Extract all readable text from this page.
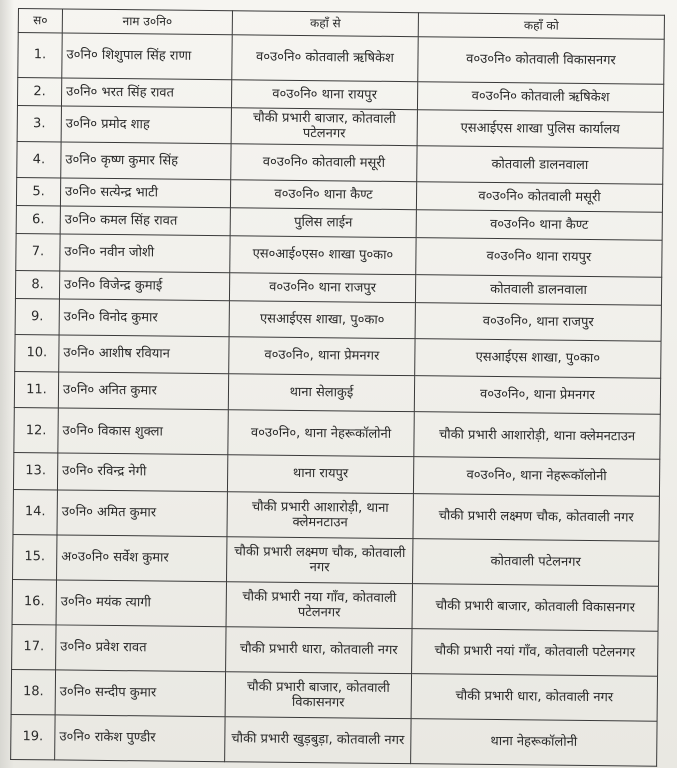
स०	नाम उ०नि०	कहाँ से	कहाँ को
1.	उ०नि० शिशुपाल सिंह राणा	व०उ०नि० कोतवाली ऋषिकेश	व०उ०नि० कोतवाली विकासनगर
2.	उ०नि० भरत सिंह रावत	व०उ०नि० थाना रायपुर	व०उ०नि० कोतवाली ऋषिकेश
3.	उ०नि० प्रमोद शाह	चौकी प्रभारी बाजार, कोतवाली पटेलनगर	एसआईएस शाखा पुलिस कार्यालय
4.	उ०नि० कृष्ण कुमार सिंह	व०उ०नि० कोतवाली मसूरी	कोतवाली डालनवाला
5.	उ०नि० सत्येन्द्र भाटी	व०उ०नि० थाना कैण्ट	व०उ०नि० कोतवाली मसूरी
6.	उ०नि० कमल सिंह रावत	पुलिस लाईन	व०उ०नि० थाना कैण्ट
7.	उ०नि० नवीन जोशी	एस०आई०एस० शाखा पु०का०	व०उ०नि० थाना रायपुर
8.	उ०नि० विजेन्द्र कुमाई	व०उ०नि० थाना राजपुर	कोतवाली डालनवाला
9.	उ०नि० विनोद कुमार	एसआईएस शाखा, पु०का०	व०उ०नि०, थाना राजपुर
10.	उ०नि० आशीष रवियान	व०उ०नि०, थाना प्रेमनगर	एसआईएस शाखा, पु०का०
11.	उ०नि० अनित कुमार	थाना सेलाकुई	व०उ०नि०, थाना प्रेमनगर
12.	उ०नि० विकास शुक्ला	व०उ०नि०, थाना नेहरूकॉलोनी	चौकी प्रभारी आशारोड़ी, थाना क्लेमनटाउन
13.	उ०नि० रविन्द्र नेगी	थाना रायपुर	व०उ०नि०, थाना नेहरूकॉलोनी
14.	उ०नि० अमित कुमार	चौकी प्रभारी आशारोड़ी, थाना क्लेमनटाउन	चौकी प्रभारी लक्ष्मण चौक, कोतवाली नगर
15.	अ०उ०नि० सर्वेश कुमार	चौकी प्रभारी लक्ष्मण चौक, कोतवाली नगर	कोतवाली पटेलनगर
16.	उ०नि० मयंक त्यागी	चौकी प्रभारी नया गाँव, कोतवाली पटेलनगर	चौकी प्रभारी बाजार, कोतवाली विकासनगर
17.	उ०नि० प्रवेश रावत	चौकी प्रभारी धारा, कोतवाली नगर	चौकी प्रभारी नयां गाँव, कोतवाली पटेलनगर
18.	उ०नि० सन्दीप कुमार	चौकी प्रभारी बाजार, कोतवाली विकासनगर	चौकी प्रभारी धारा, कोतवाली नगर
19.	उ०नि० राकेश पुण्डीर	चौकी प्रभारी खुड़बुड़ा, कोतवाली नगर	थाना नेहरूकॉलोनी
